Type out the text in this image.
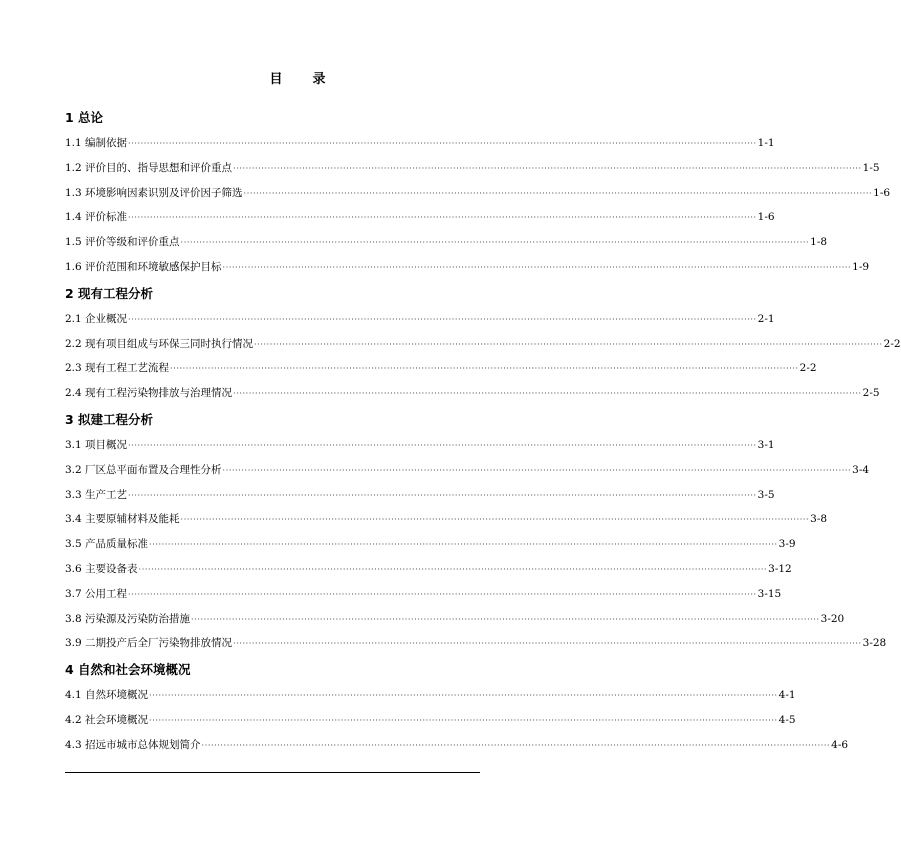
目 录
1 总论
1.1 编制依据 ········································································································································································································ 1-1
1.2 评价目的、指导思想和评价重点 ········································································································································································································ 1-5
1.3 环境影响因素识别及评价因子筛选 ········································································································································································································ 1-6
1.4 评价标准 ········································································································································································································ 1-6
1.5 评价等级和评价重点 ········································································································································································································ 1-8
1.6 评价范围和环境敏感保护目标 ········································································································································································································ 1-9
2 现有工程分析
2.1 企业概况 ········································································································································································································ 2-1
2.2 现有项目组成与环保三同时执行情况 ········································································································································································································ 2-2
2.3 现有工程工艺流程 ········································································································································································································ 2-2
2.4 现有工程污染物排放与治理情况 ········································································································································································································ 2-5
3 拟建工程分析
3.1 项目概况 ········································································································································································································ 3-1
3.2 厂区总平面布置及合理性分析 ········································································································································································································ 3-4
3.3 生产工艺 ········································································································································································································ 3-5
3.4 主要原辅材料及能耗 ········································································································································································································ 3-8
3.5 产品质量标准 ········································································································································································································ 3-9
3.6 主要设备表 ········································································································································································································ 3-12
3.7 公用工程 ········································································································································································································ 3-15
3.8 污染源及污染防治措施 ········································································································································································································ 3-20
3.9 二期投产后全厂污染物排放情况 ········································································································································································································ 3-28
4 自然和社会环境概况
4.1 自然环境概况 ········································································································································································································ 4-1
4.2 社会环境概况 ········································································································································································································ 4-5
4.3 招远市城市总体规划简介 ········································································································································································································ 4-6
